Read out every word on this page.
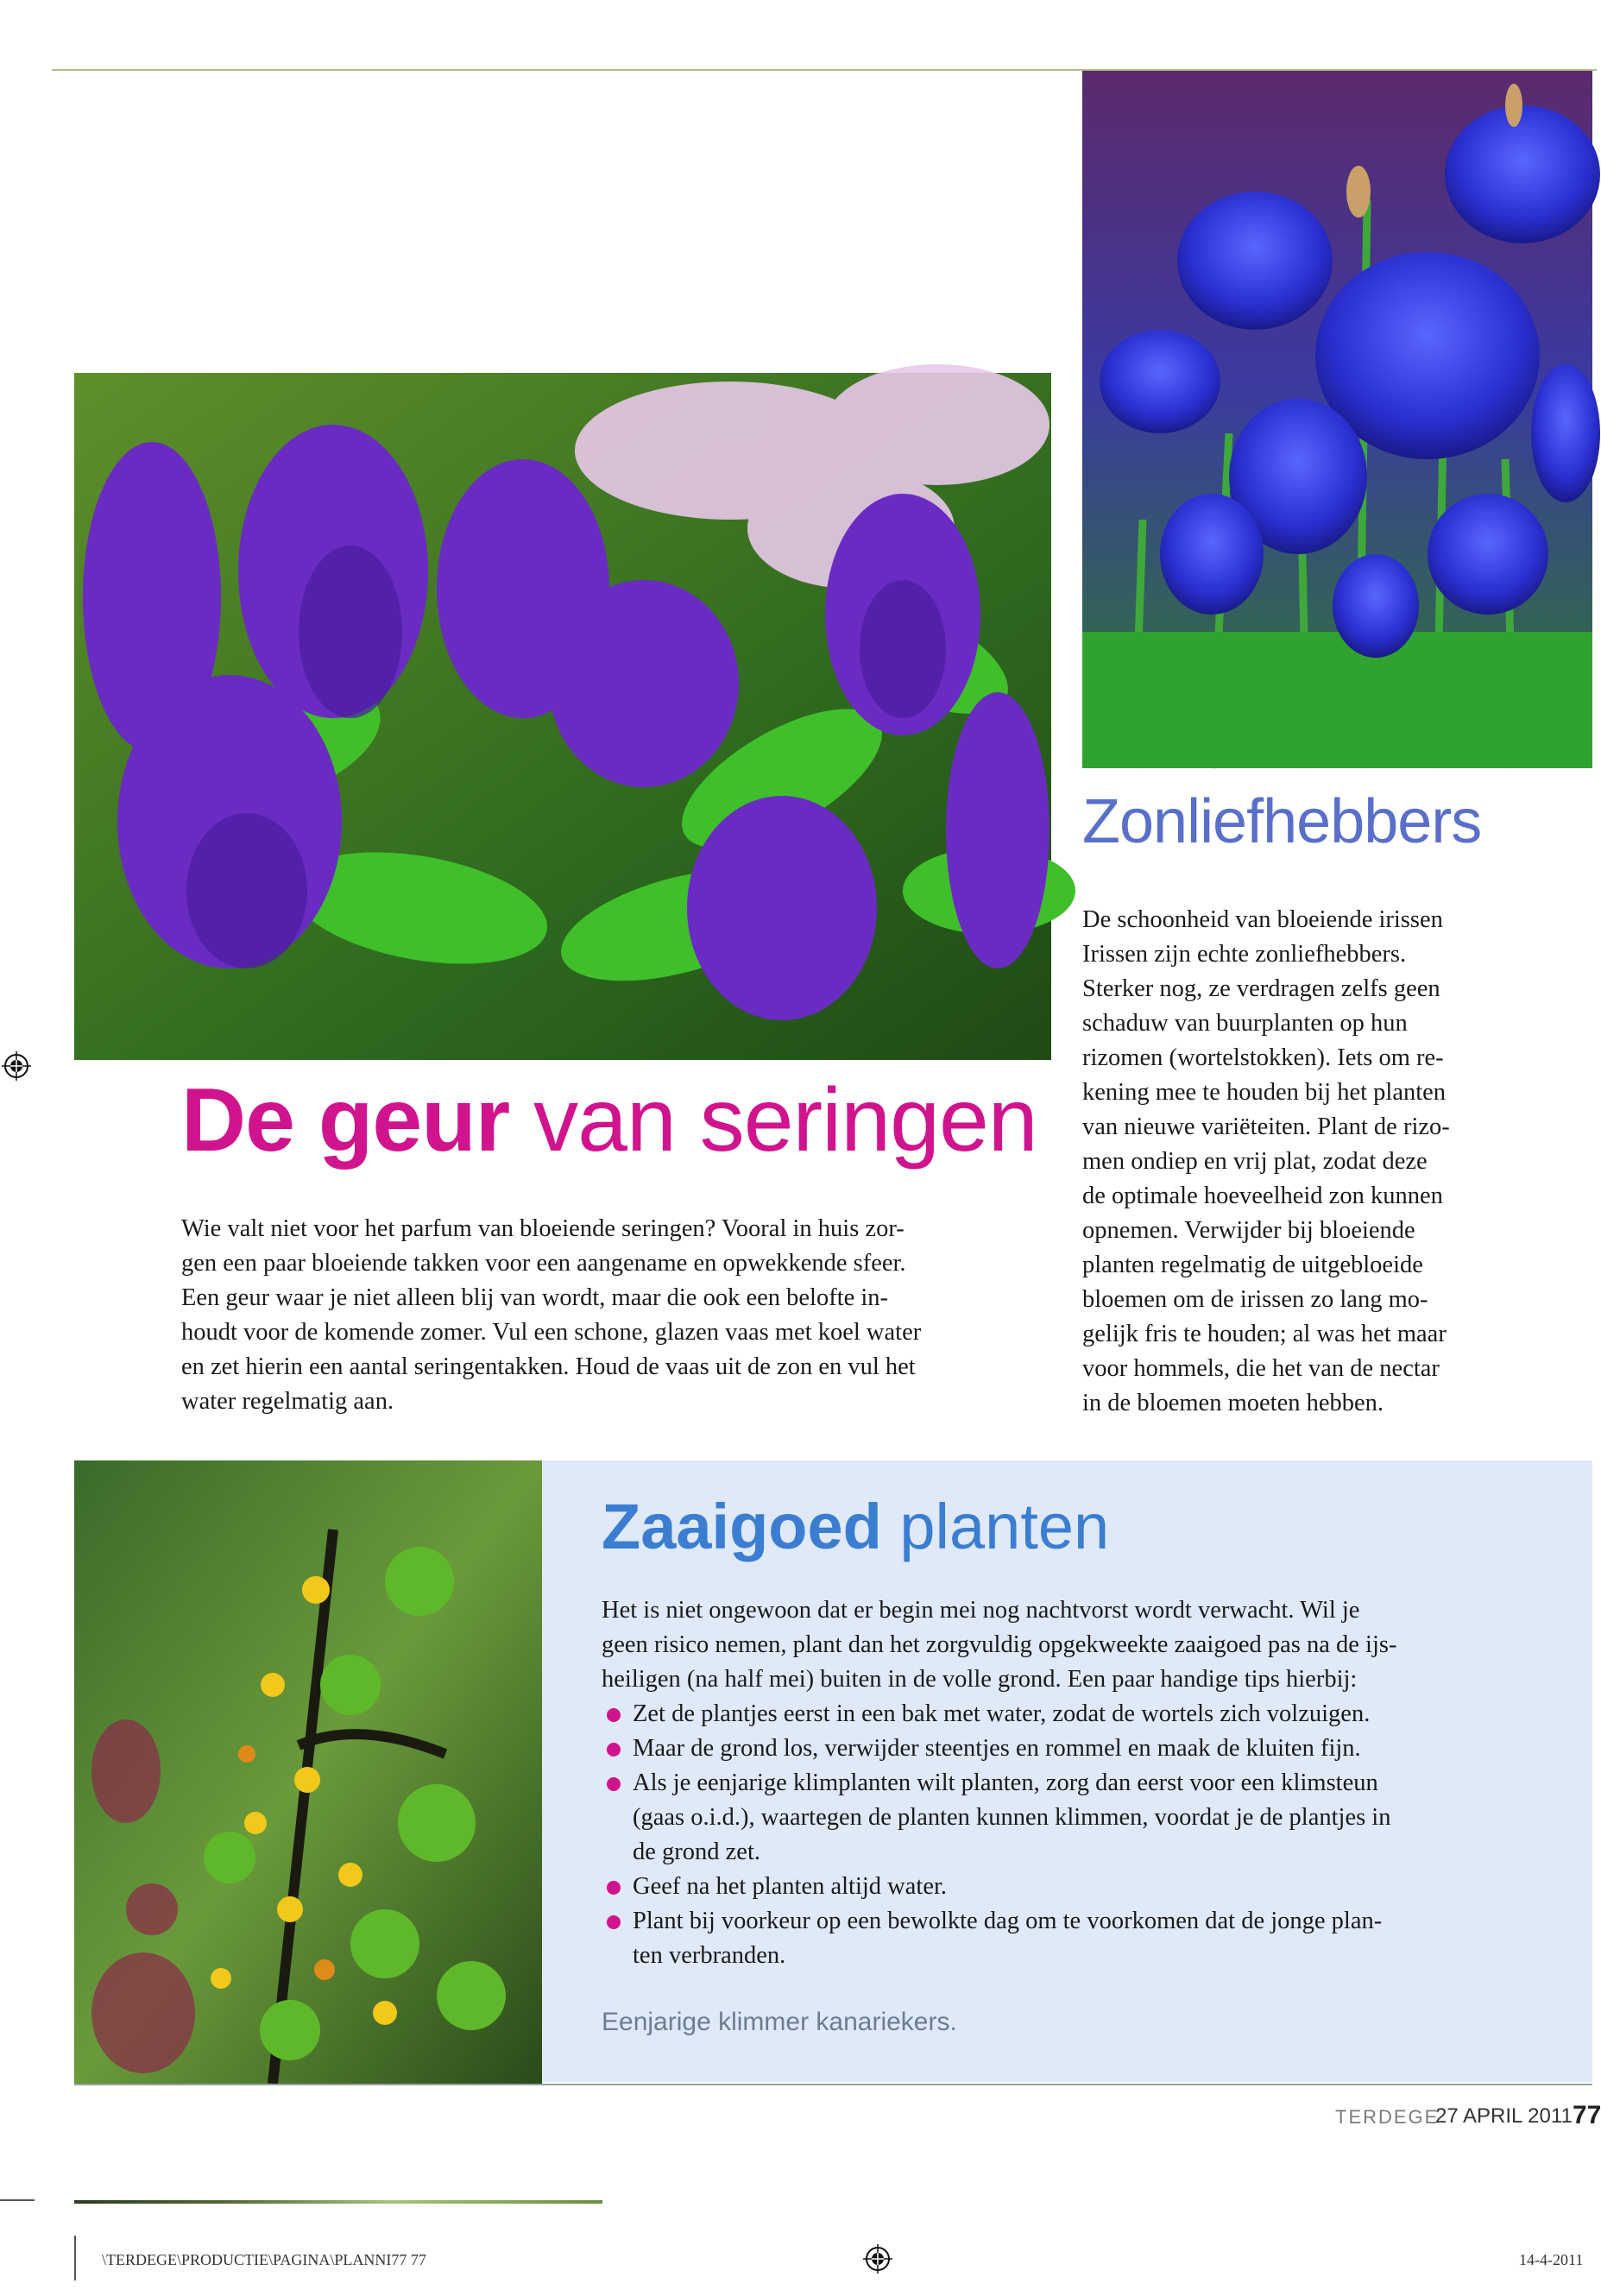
De geur van seringen
Wie valt niet voor het parfum van bloeiende seringen? Vooral in huis zor-
gen een paar bloeiende takken voor een aangename en opwekkende sfeer.
Een geur waar je niet alleen blij van wordt, maar die ook een belofte in-
houdt voor de komende zomer. Vul een schone, glazen vaas met koel water
en zet hierin een aantal seringentakken. Houd de vaas uit de zon en vul het
water regelmatig aan.
Zonliefhebbers
De schoonheid van bloeiende irissen
Irissen zijn echte zonliefhebbers.
Sterker nog, ze verdragen zelfs geen
schaduw van buurplanten op hun
rizomen (wortelstokken). Iets om re-
kening mee te houden bij het planten
van nieuwe variëteiten. Plant de rizo-
men ondiep en vrij plat, zodat deze
de optimale hoeveelheid zon kunnen
opnemen. Verwijder bij bloeiende
planten regelmatig de uitgebloeide
bloemen om de irissen zo lang mo-
gelijk fris te houden; al was het maar
voor hommels, die het van de nectar
in de bloemen moeten hebben.
Zaaigoed planten
Het is niet ongewoon dat er begin mei nog nachtvorst wordt verwacht. Wil je
geen risico nemen, plant dan het zorgvuldig opgekweekte zaaigoed pas na de ijs-
heiligen (na half mei) buiten in de volle grond. Een paar handige tips hierbij:
Zet de plantjes eerst in een bak met water, zodat de wortels zich volzuigen.
Maar de grond los, verwijder steentjes en rommel en maak de kluiten fijn.
Als je eenjarige klimplanten wilt planten, zorg dan eerst voor een klimsteun
(gaas o.i.d.), waartegen de planten kunnen klimmen, voordat je de plantjes in
de grond zet.
Geef na het planten altijd water.
Plant bij voorkeur op een bewolkte dag om te voorkomen dat de jonge plan-
ten verbranden.
Eenjarige klimmer kanariekers.
TERDEGE
27 APRIL 2011 77
\TERDEGE\PRODUCTIE\PAGINA\PLANNI77 77	14-4-2011
